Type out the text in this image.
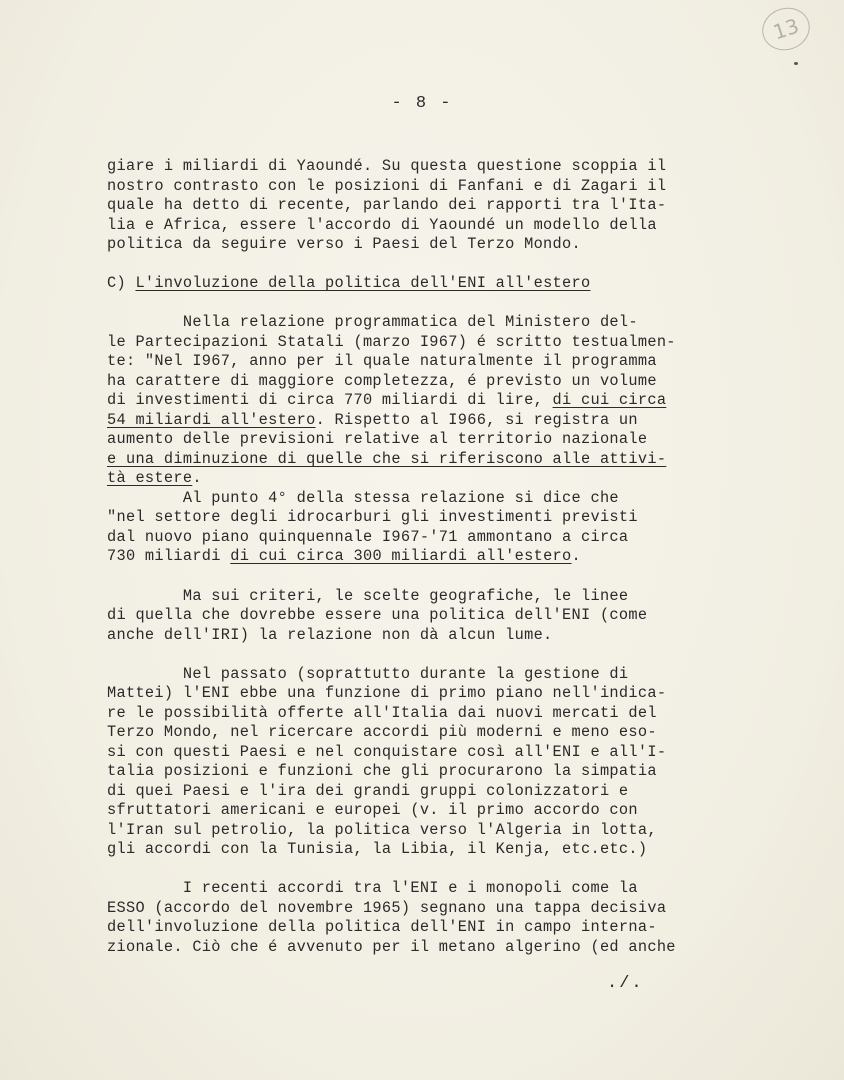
13
- 8 -
giare i miliardi di Yaoundé. Su questa questione scoppia il
nostro contrasto con le posizioni di Fanfani e di Zagari il
quale ha detto di recente, parlando dei rapporti tra l'Ita-
lia e Africa, essere l'accordo di Yaoundé un modello della
politica da seguire verso i Paesi del Terzo Mondo.
C) L'involuzione della politica dell'ENI all'estero
Nella relazione programmatica del Ministero del-
le Partecipazioni Statali (marzo I967) é scritto testualmen-
te: "Nel I967, anno per il quale naturalmente il programma
ha carattere di maggiore completezza, é previsto un volume
di investimenti di circa 770 miliardi di lire, di cui circa
54 miliardi all'estero. Rispetto al I966, si registra un
aumento delle previsioni relative al territorio nazionale
e una diminuzione di quelle che si riferiscono alle attivi-
tà estere.
Al punto 4° della stessa relazione si dice che
"nel settore degli idrocarburi gli investimenti previsti
dal nuovo piano quinquennale I967-'71 ammontano a circa
730 miliardi di cui circa 300 miliardi all'estero.
Ma sui criteri, le scelte geografiche, le linee
di quella che dovrebbe essere una politica dell'ENI (come
anche dell'IRI) la relazione non dà alcun lume.
Nel passato (soprattutto durante la gestione di
Mattei) l'ENI ebbe una funzione di primo piano nell'indica-
re le possibilità offerte all'Italia dai nuovi mercati del
Terzo Mondo, nel ricercare accordi più moderni e meno eso-
si con questi Paesi e nel conquistare così all'ENI e all'I-
talia posizioni e funzioni che gli procurarono la simpatia
di quei Paesi e l'ira dei grandi gruppi colonizzatori e
sfruttatori americani e europei (v. il primo accordo con
l'Iran sul petrolio, la politica verso l'Algeria in lotta,
gli accordi con la Tunisia, la Libia, il Kenja, etc.etc.)
I recenti accordi tra l'ENI e i monopoli come la
ESSO (accordo del novembre 1965) segnano una tappa decisiva
dell'involuzione della politica dell'ENI in campo interna-
zionale. Ciò che é avvenuto per il metano algerino (ed anche
./.
